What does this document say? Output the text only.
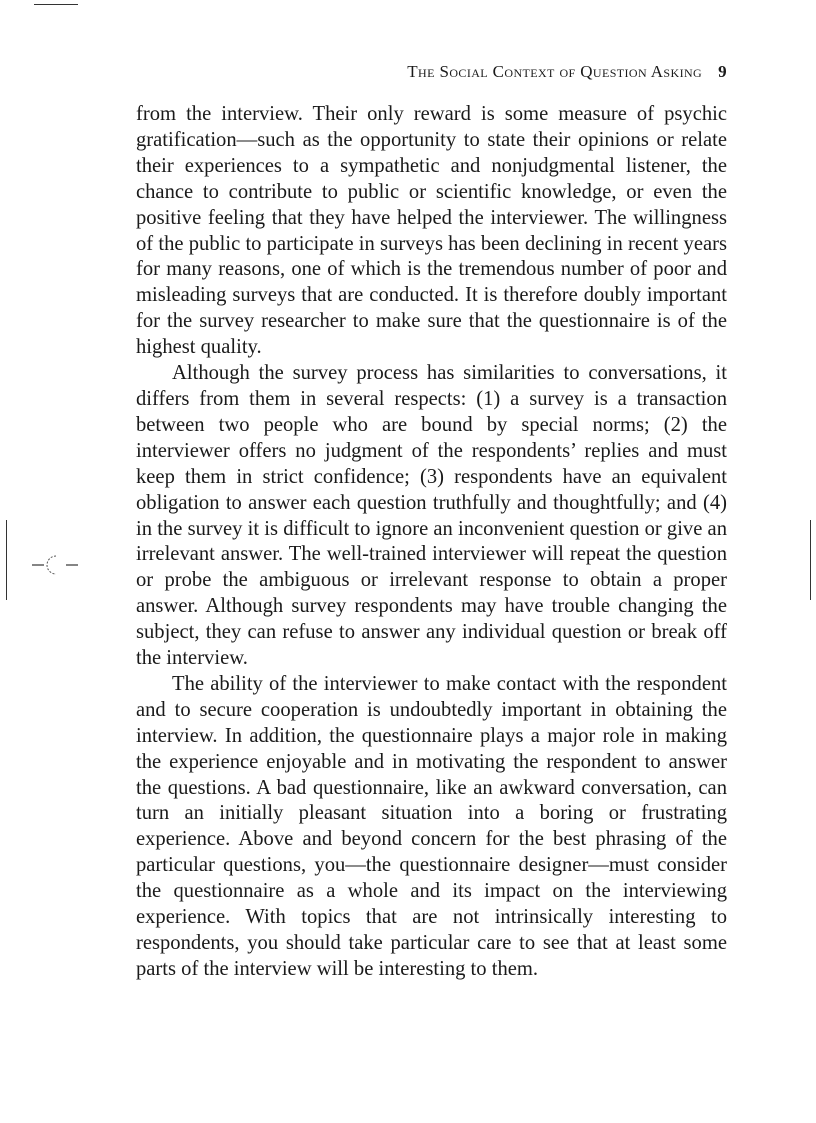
The Social Context of Question Asking 9

from the interview. Their only reward is some measure of psychic gratification—such as the opportunity to state their opinions or relate their experiences to a sympathetic and nonjudgmental listener, the chance to contribute to public or scientific knowledge, or even the positive feeling that they have helped the interviewer. The willingness of the public to participate in surveys has been declining in recent years for many reasons, one of which is the tremendous number of poor and misleading surveys that are conducted. It is therefore doubly important for the survey researcher to make sure that the questionnaire is of the highest quality.

Although the survey process has similarities to conversations, it differs from them in several respects: (1) a survey is a transaction between two people who are bound by special norms; (2) the interviewer offers no judgment of the respondents’ replies and must keep them in strict confidence; (3) respondents have an equivalent obligation to answer each question truthfully and thoughtfully; and (4) in the survey it is difficult to ignore an inconvenient question or give an irrelevant answer. The well-trained interviewer will repeat the question or probe the ambiguous or irrelevant response to obtain a proper answer. Although survey respondents may have trouble changing the subject, they can refuse to answer any individual question or break off the interview.

The ability of the interviewer to make contact with the respondent and to secure cooperation is undoubtedly important in obtaining the interview. In addition, the questionnaire plays a major role in making the experience enjoyable and in motivating the respondent to answer the questions. A bad questionnaire, like an awkward conversation, can turn an initially pleasant situation into a boring or frustrating experience. Above and beyond concern for the best phrasing of the particular questions, you—the questionnaire designer—must consider the questionnaire as a whole and its impact on the interviewing experience. With topics that are not intrinsically interesting to respondents, you should take particular care to see that at least some parts of the interview will be interesting to them.
